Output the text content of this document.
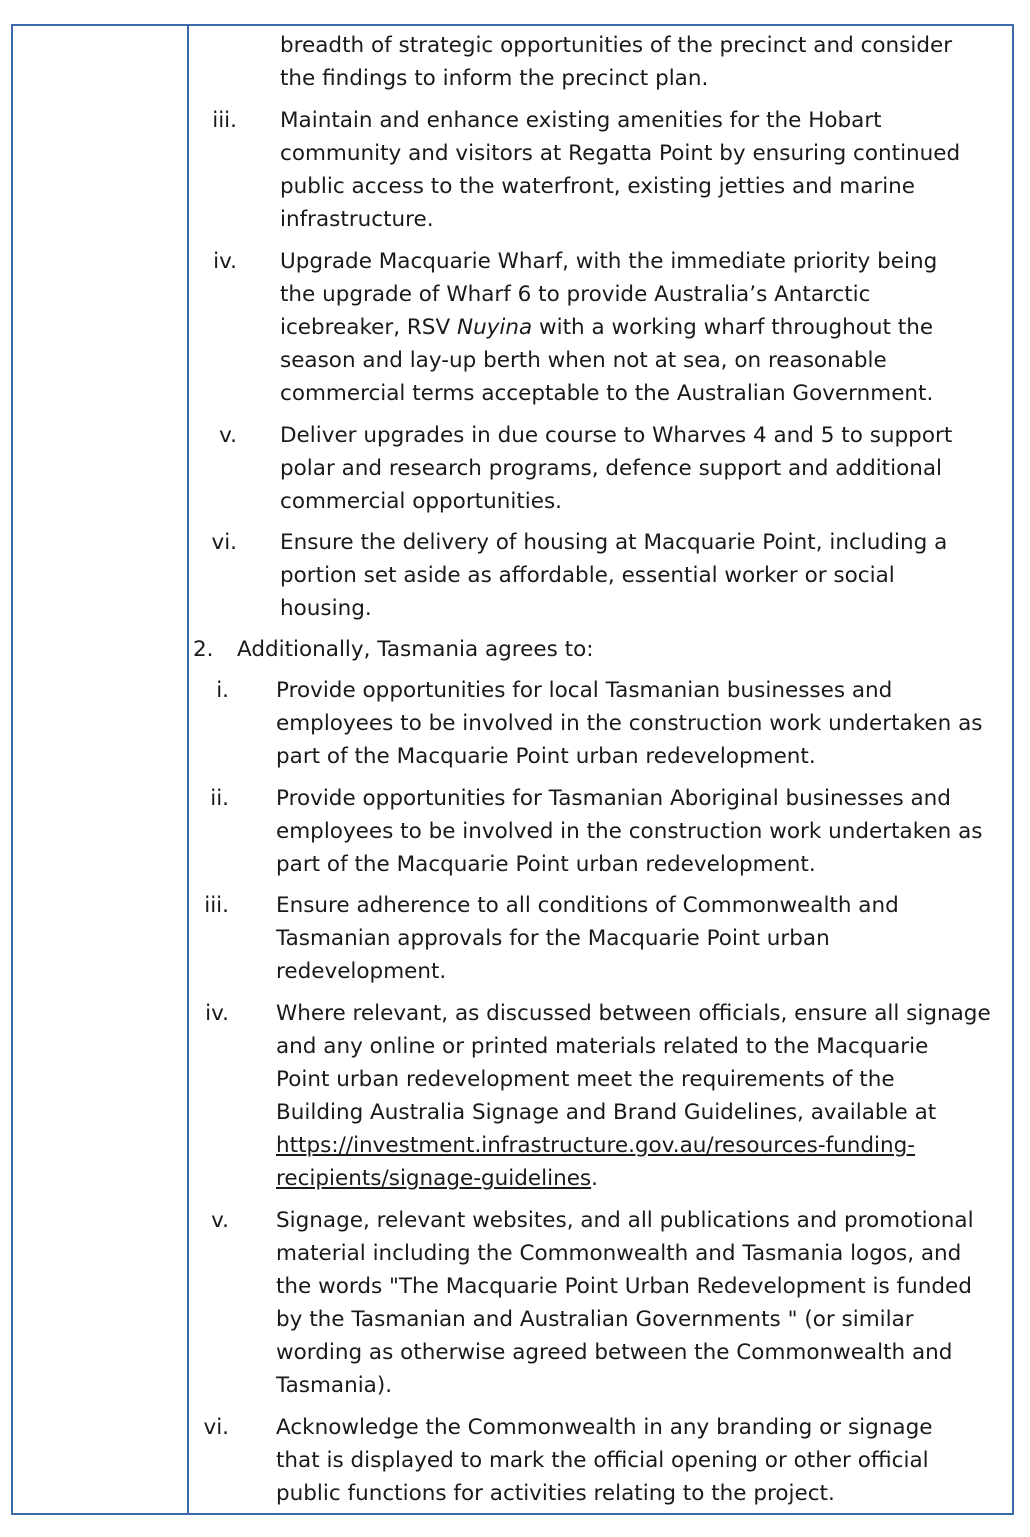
breadth of strategic opportunities of the precinct and consider
the findings to inform the precinct plan.
iii. Maintain and enhance existing amenities for the Hobart
community and visitors at Regatta Point by ensuring continued
public access to the waterfront, existing jetties and marine
infrastructure.
iv. Upgrade Macquarie Wharf, with the immediate priority being
the upgrade of Wharf 6 to provide Australia’s Antarctic
icebreaker, RSV Nuyina with a working wharf throughout the
season and lay-up berth when not at sea, on reasonable
commercial terms acceptable to the Australian Government.
v. Deliver upgrades in due course to Wharves 4 and 5 to support
polar and research programs, defence support and additional
commercial opportunities.
vi. Ensure the delivery of housing at Macquarie Point, including a
portion set aside as affordable, essential worker or social
housing.
2.	Additionally, Tasmania agrees to:
i. Provide opportunities for local Tasmanian businesses and
employees to be involved in the construction work undertaken as
part of the Macquarie Point urban redevelopment.
ii. Provide opportunities for Tasmanian Aboriginal businesses and
employees to be involved in the construction work undertaken as
part of the Macquarie Point urban redevelopment.
iii. Ensure adherence to all conditions of Commonwealth and
Tasmanian approvals for the Macquarie Point urban
redevelopment.
iv. Where relevant, as discussed between officials, ensure all signage
and any online or printed materials related to the Macquarie
Point urban redevelopment meet the requirements of the
Building Australia Signage and Brand Guidelines, available at
https://investment.infrastructure.gov.au/resources-funding-
recipients/signage-guidelines.
v. Signage, relevant websites, and all publications and promotional
material including the Commonwealth and Tasmania logos, and
the words "The Macquarie Point Urban Redevelopment is funded
by the Tasmanian and Australian Governments " (or similar
wording as otherwise agreed between the Commonwealth and
Tasmania).
vi. Acknowledge the Commonwealth in any branding or signage
that is displayed to mark the official opening or other official
public functions for activities relating to the project.
